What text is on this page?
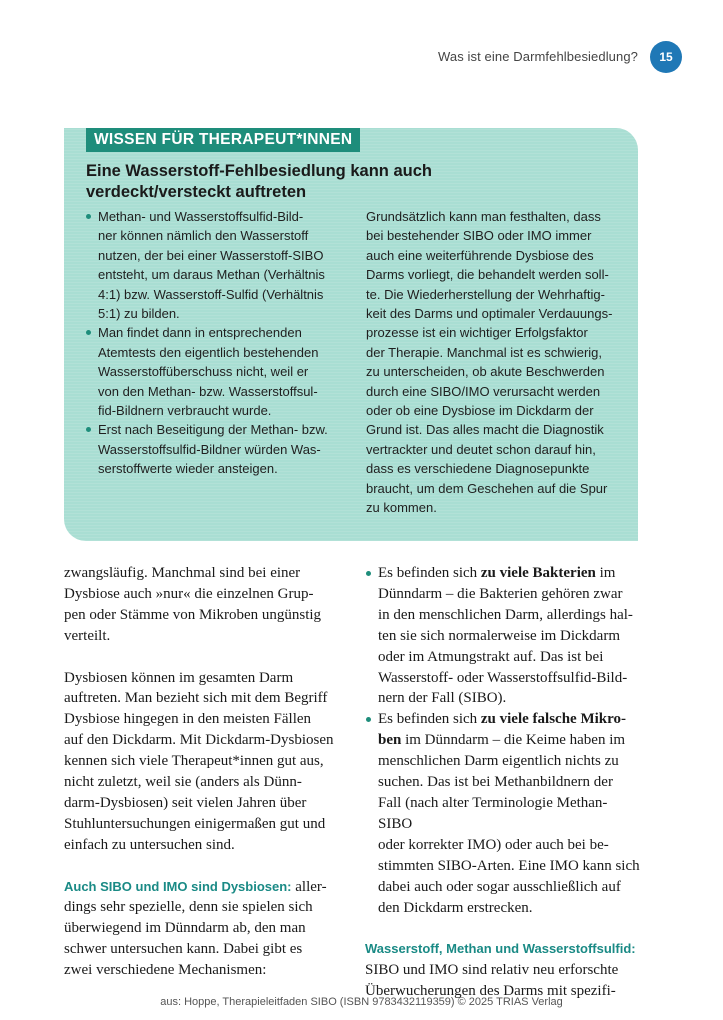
Was ist eine Darmfehlbesiedlung?	15
WISSEN FÜR THERAPEUT*INNEN
Eine Wasserstoff-Fehlbesiedlung kann auch
verdeckt/versteckt auftreten
Methan- und Wasserstoffsulfid-Bild-
ner können nämlich den Wasserstoff
nutzen, der bei einer Wasserstoff-SIBO
entsteht, um daraus Methan (Verhältnis
4:1) bzw. Wasserstoff-Sulfid (Verhältnis
5:1) zu bilden.
Man findet dann in entsprechenden
Atemtests den eigentlich bestehenden
Wasserstoffüberschuss nicht, weil er
von den Methan- bzw. Wasserstoffsul-
fid-Bildnern verbraucht wurde.
Erst nach Beseitigung der Methan- bzw.
Wasserstoffsulfid-Bildner würden Was-
serstoffwerte wieder ansteigen.
Grundsätzlich kann man festhalten, dass
bei bestehender SIBO oder IMO immer
auch eine weiterführende Dysbiose des
Darms vorliegt, die behandelt werden soll-
te. Die Wiederherstellung der Wehrhaftig-
keit des Darms und optimaler Verdauungs-
prozesse ist ein wichtiger Erfolgsfaktor
der Therapie. Manchmal ist es schwierig,
zu unterscheiden, ob akute Beschwerden
durch eine SIBO/IMO verursacht werden
oder ob eine Dysbiose im Dickdarm der
Grund ist. Das alles macht die Diagnostik
vertrackter und deutet schon darauf hin,
dass es verschiedene Diagnosepunkte
braucht, um dem Geschehen auf die Spur
zu kommen.

zwangsläufig. Manchmal sind bei einer
Dysbiose auch »nur« die einzelnen Grup-
pen oder Stämme von Mikroben ungünstig
verteilt.

Dysbiosen können im gesamten Darm
auftreten. Man bezieht sich mit dem Begriff
Dysbiose hingegen in den meisten Fällen
auf den Dickdarm. Mit Dickdarm-Dysbiosen
kennen sich viele Therapeut*innen gut aus,
nicht zuletzt, weil sie (anders als Dünn-
darm-Dysbiosen) seit vielen Jahren über
Stuhluntersuchungen einigermaßen gut und
einfach zu untersuchen sind.

Auch SIBO und IMO sind Dysbiosen: aller-
dings sehr spezielle, denn sie spielen sich
überwiegend im Dünndarm ab, den man
schwer untersuchen kann. Dabei gibt es
zwei verschiedene Mechanismen:

Es befinden sich zu viele Bakterien im
Dünndarm – die Bakterien gehören zwar
in den menschlichen Darm, allerdings hal-
ten sie sich normalerweise im Dickdarm
oder im Atmungstrakt auf. Das ist bei
Wasserstoff- oder Wasserstoffsulfid-Bild-
nern der Fall (SIBO).
Es befinden sich zu viele falsche Mikro-
ben im Dünndarm – die Keime haben im
menschlichen Darm eigentlich nichts zu
suchen. Das ist bei Methanbildnern der
Fall (nach alter Terminologie Methan-SIBO
oder korrekter IMO) oder auch bei be-
stimmten SIBO-Arten. Eine IMO kann sich
dabei auch oder sogar ausschließlich auf
den Dickdarm erstrecken.

Wasserstoff, Methan und Wasserstoffsulfid:
SIBO und IMO sind relativ neu erforschte
Überwucherungen des Darms mit spezifi-

aus: Hoppe, Therapieleitfaden SIBO (ISBN 9783432119359) © 2025 TRIAS Verlag
